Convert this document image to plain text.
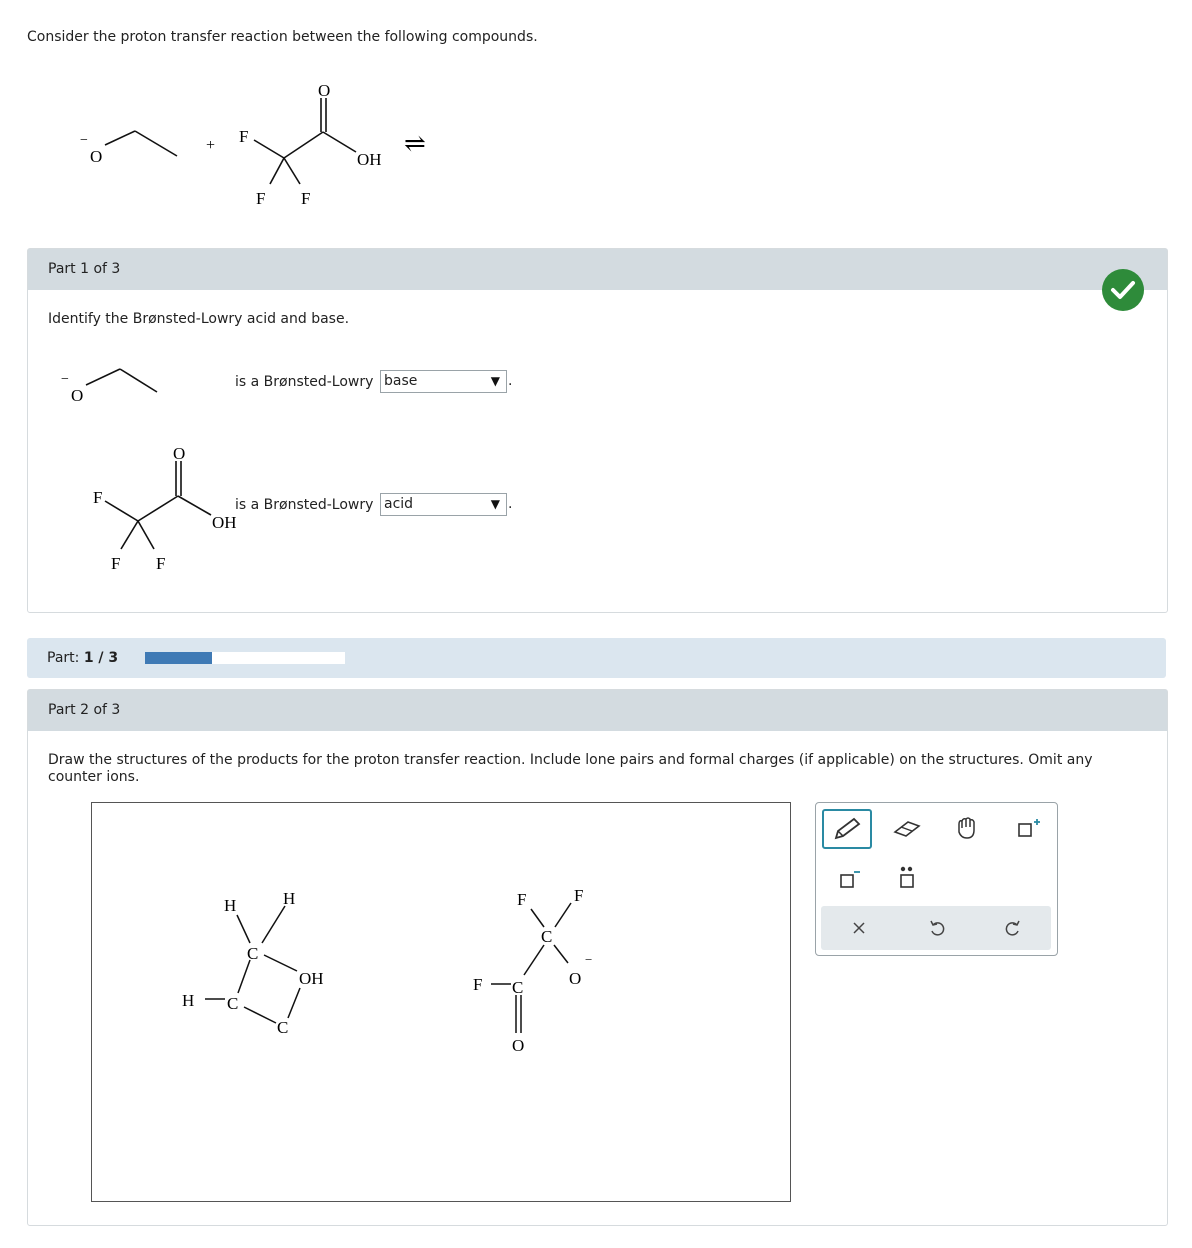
Consider the proton transfer reaction between the following compounds.
O
−	+ F
F F
O
OH
⇌
Part 1 of 3
Identify the Brønsted-Lowry acid and base.
O
−	is a Brønsted-Lowry base	▼ .
F
F F
O
OH
is a Brønsted-Lowry acid	▼ .
Part: 1 / 3
Part 2 of 3
Draw the structures of the products for the proton transfer reaction. Include lone pairs and formal charges (if applicable) on the structures. Omit any counter ions.
H	H
C
OH
H C
C
F	F
C
O
−
F C
O
